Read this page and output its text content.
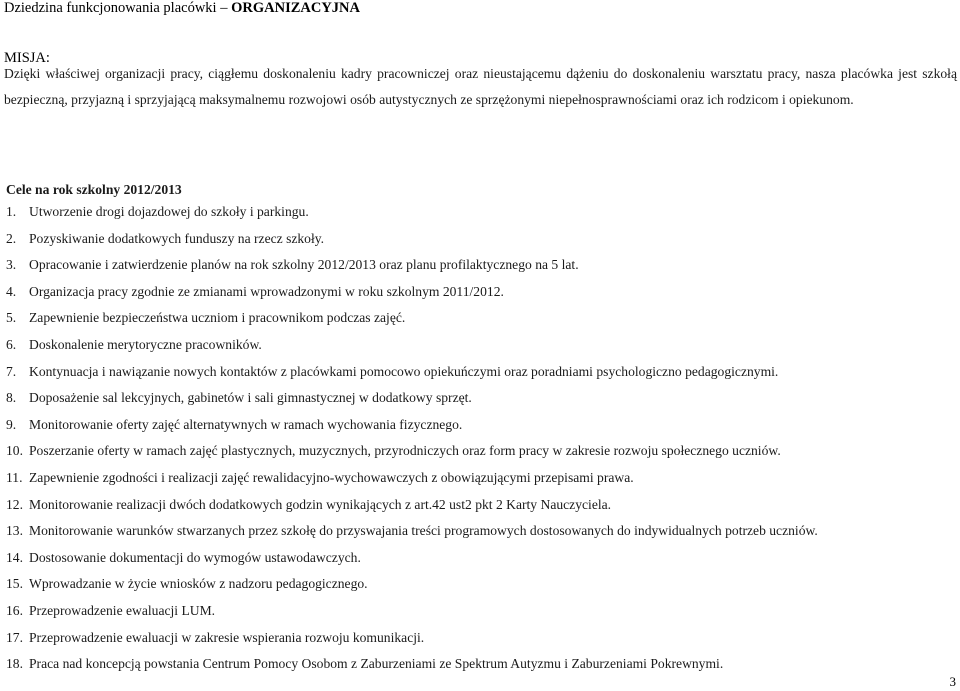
Dziedzina funkcjonowania placówki – ORGANIZACYJNA
MISJA:
Dzięki właściwej organizacji pracy, ciągłemu doskonaleniu kadry pracowniczej oraz nieustającemu dążeniu do doskonaleniu warsztatu pracy, nasza placówka jest szkołą bezpieczną, przyjazną i sprzyjającą maksymalnemu rozwojowi osób autystycznych ze sprzężonymi niepełnosprawnościami oraz ich rodzicom i opiekunom.
Cele na rok szkolny 2012/2013
1. Utworzenie drogi dojazdowej do szkoły i parkingu.
2. Pozyskiwanie dodatkowych funduszy na rzecz szkoły.
3. Opracowanie i zatwierdzenie planów na rok szkolny 2012/2013 oraz planu profilaktycznego na 5 lat.
4. Organizacja pracy zgodnie ze zmianami wprowadzonymi w roku szkolnym 2011/2012.
5. Zapewnienie bezpieczeństwa uczniom i pracownikom podczas zajęć.
6. Doskonalenie merytoryczne pracowników.
7. Kontynuacja i nawiązanie nowych kontaktów z placówkami pomocowo opiekuńczymi oraz poradniami psychologiczno pedagogicznymi.
8. Doposażenie sal lekcyjnych, gabinetów i sali gimnastycznej w dodatkowy sprzęt.
9. Monitorowanie oferty zajęć alternatywnych w ramach wychowania fizycznego.
10. Poszerzanie oferty w ramach zajęć plastycznych, muzycznych, przyrodniczych oraz form pracy w zakresie rozwoju społecznego uczniów.
11. Zapewnienie zgodności i realizacji zajęć rewalidacyjno-wychowawczych z obowiązującymi przepisami prawa.
12. Monitorowanie realizacji dwóch dodatkowych godzin wynikających z art.42 ust2 pkt 2 Karty Nauczyciela.
13. Monitorowanie warunków stwarzanych przez szkołę do przyswajania treści programowych dostosowanych do indywidualnych potrzeb uczniów.
14. Dostosowanie dokumentacji do wymogów ustawodawczych.
15. Wprowadzanie w życie wniosków z nadzoru pedagogicznego.
16. Przeprowadzenie ewaluacji LUM.
17. Przeprowadzenie ewaluacji w zakresie wspierania rozwoju komunikacji.
18. Praca nad koncepcją powstania Centrum Pomocy Osobom z Zaburzeniami ze Spektrum Autyzmu i Zaburzeniami Pokrewnymi.
3
